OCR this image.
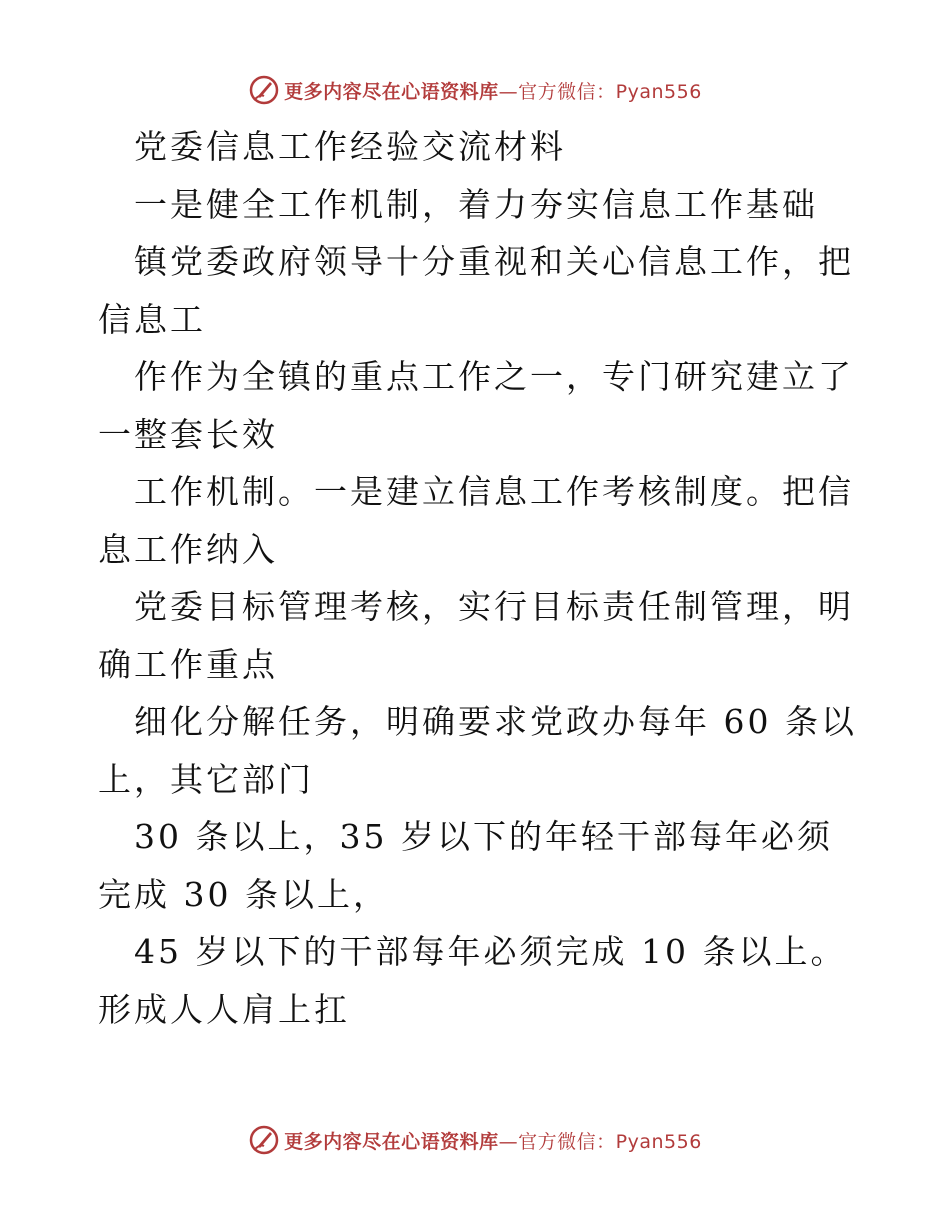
更多内容尽在心语资料库 —官方微信：Pyan556

党委信息工作经验交流材料

一是健全工作机制，着力夯实信息工作基础

镇党委政府领导十分重视和关心信息工作，把信息工

作作为全镇的重点工作之一，专门研究建立了一整套长效

工作机制。一是建立信息工作考核制度。把信息工作纳入

党委目标管理考核，实行目标责任制管理，明确工作重点

细化分解任务，明确要求党政办每年 60 条以上，其它部门

30 条以上，35 岁以下的年轻干部每年必须完成 30 条以上，

45 岁以下的干部每年必须完成 10 条以上。形成人人肩上扛

更多内容尽在心语资料库 —官方微信：Pyan556
